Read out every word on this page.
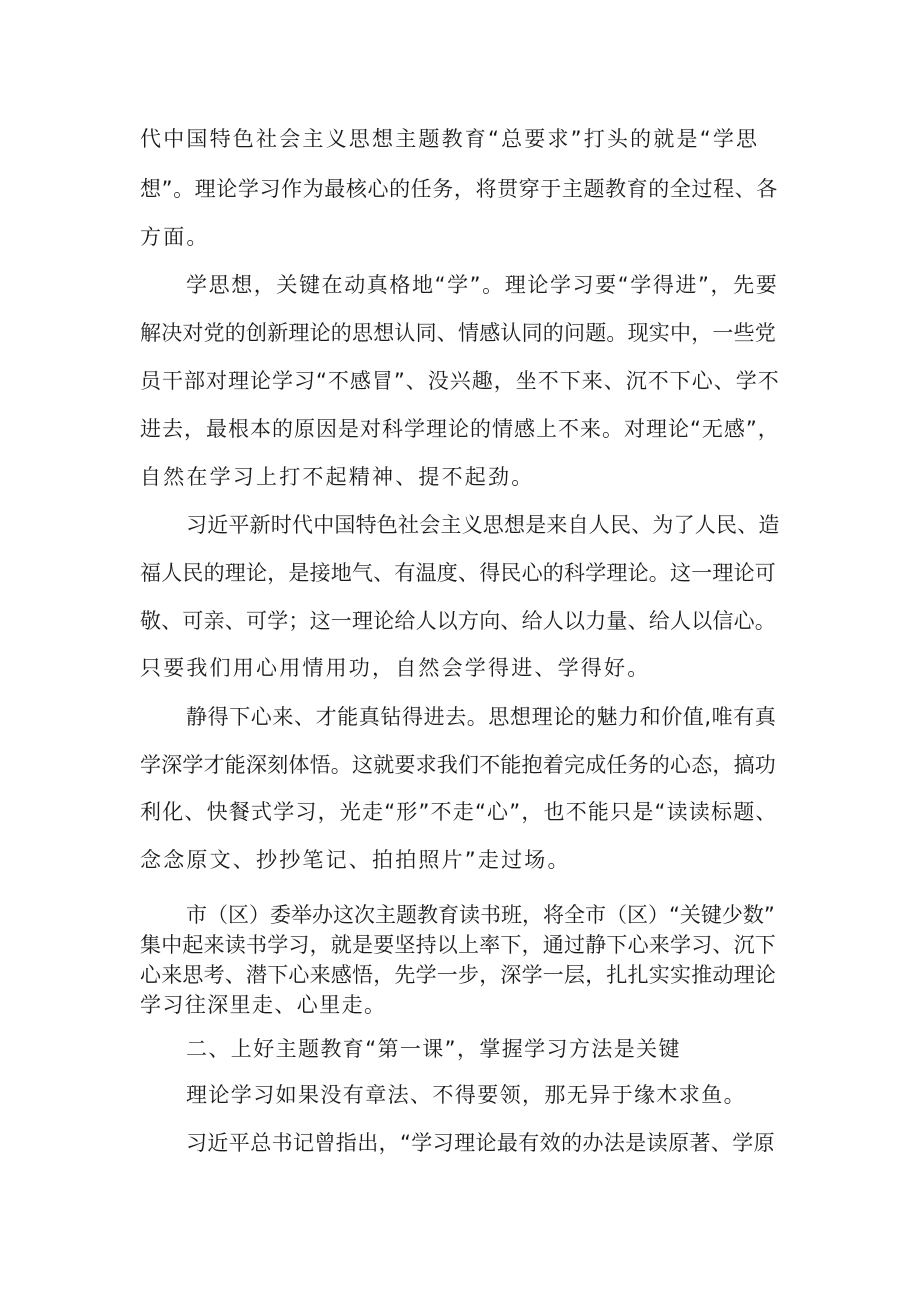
代中国特色社会主义思想主题教育“总要求”打头的就是“学思

想”。理论学习作为最核心的任务，将贯穿于主题教育的全过程、各

方面。

学思想，关键在动真格地“学”。理论学习要“学得进”，先要

解决对党的创新理论的思想认同、情感认同的问题。现实中，一些党

员干部对理论学习“不感冒”、没兴趣，坐不下来、沉不下心、学不

进去，最根本的原因是对科学理论的情感上不来。对理论“无感”，

自然在学习上打不起精神、提不起劲。

习近平新时代中国特色社会主义思想是来自人民、为了人民、造

福人民的理论，是接地气、有温度、得民心的科学理论。这一理论可

敬、可亲、可学；这一理论给人以方向、给人以力量、给人以信心。

只要我们用心用情用功，自然会学得进、学得好。

静得下心来、才能真钻得进去。思想理论的魅力和价值,唯有真

学深学才能深刻体悟。这就要求我们不能抱着完成任务的心态，搞功

利化、快餐式学习，光走“形”不走“心”，也不能只是“读读标题、

念念原文、抄抄笔记、拍拍照片”走过场。

市（区）委举办这次主题教育读书班，将全市（区）“关键少数”

集中起来读书学习，就是要坚持以上率下，通过静下心来学习、沉下

心来思考、潜下心来感悟，先学一步，深学一层，扎扎实实推动理论

学习往深里走、心里走。

二、上好主题教育“第一课”，掌握学习方法是关键

理论学习如果没有章法、不得要领，那无异于缘木求鱼。

习近平总书记曾指出，“学习理论最有效的办法是读原著、学原
